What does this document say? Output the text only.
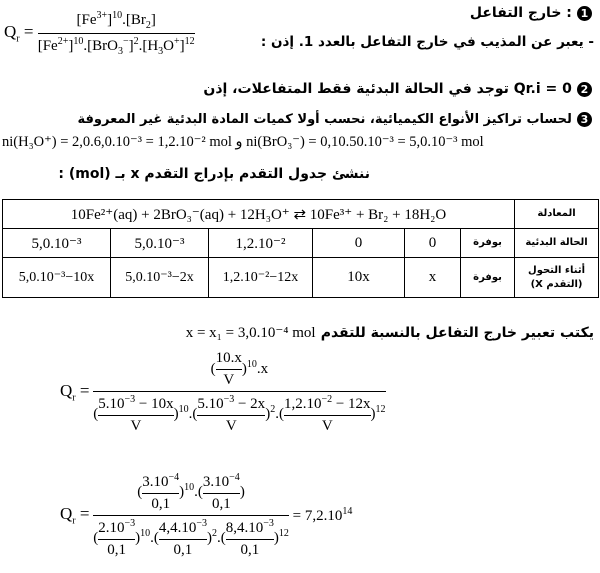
خارج التفاعل : 1
$Q_r = \frac{[Fe^{3+}]^{10}.[Br_2]}{[Fe^{2+}]^{10}.[BrO_3^-]^2.[H_3O^+]^{12}}$	- يعبر عن المذيب في خارج التفاعل بالعدد 1. إذن :
توجد في الحالة البدئية فقط المتفاعلات، إذن Qr.i = 0 2
لحساب تراكيز الأنواع الكيميائية، نحسب أولا كميات المادة البدئية غير المعروفة 3
ni(H₃O⁺) = 2,0.6,0.10⁻³ = 1,2.10⁻² mol و ni(BrO₃⁻) = 0,10.50.10⁻³ = 5,0.10⁻³ mol
ننشئ جدول التقدم بإدراج التقدم x بـ (mol) :
10Fe²⁺(aq) + 2BrO₃⁻(aq) + 12H₃O⁺ ⇄ 10Fe³⁺ + Br₂ + 18H₂O						المعادلة
5,0.10⁻³	5,0.10⁻³	1,2.10⁻²	0	0	بوفرة	الحالة البدئية
5,0.10⁻³−10x	5,0.10⁻³−2x	1,2.10⁻²−12x	10x	x	بوفرة	أثناء التحول (التقدم X)
x = x₁ = 3,0.10⁻⁴ mol يكتب تعبير خارج التفاعل بالنسبة للتقدم
$Q_r = \frac{( \frac{10.x}{V} )^{10}.x}{( \frac{5.10^{-3} - 10x}{V} )^{10}.( \frac{5.10^{-3} - 2x}{V} )^2.( \frac{1,2.10^{-2} - 12x}{V} )^{12}}$
$Q_r = \frac{( \frac{3.10^{-4}}{0,1} )^{10}.( \frac{3.10^{-4}}{0,1} )}{( \frac{2.10^{-3}}{0,1} )^{10}.( \frac{4,4.10^{-3}}{0,1} )^2.( \frac{8,4.10^{-3}}{0,1} )^{12}} = 7,2.10^{14}$
